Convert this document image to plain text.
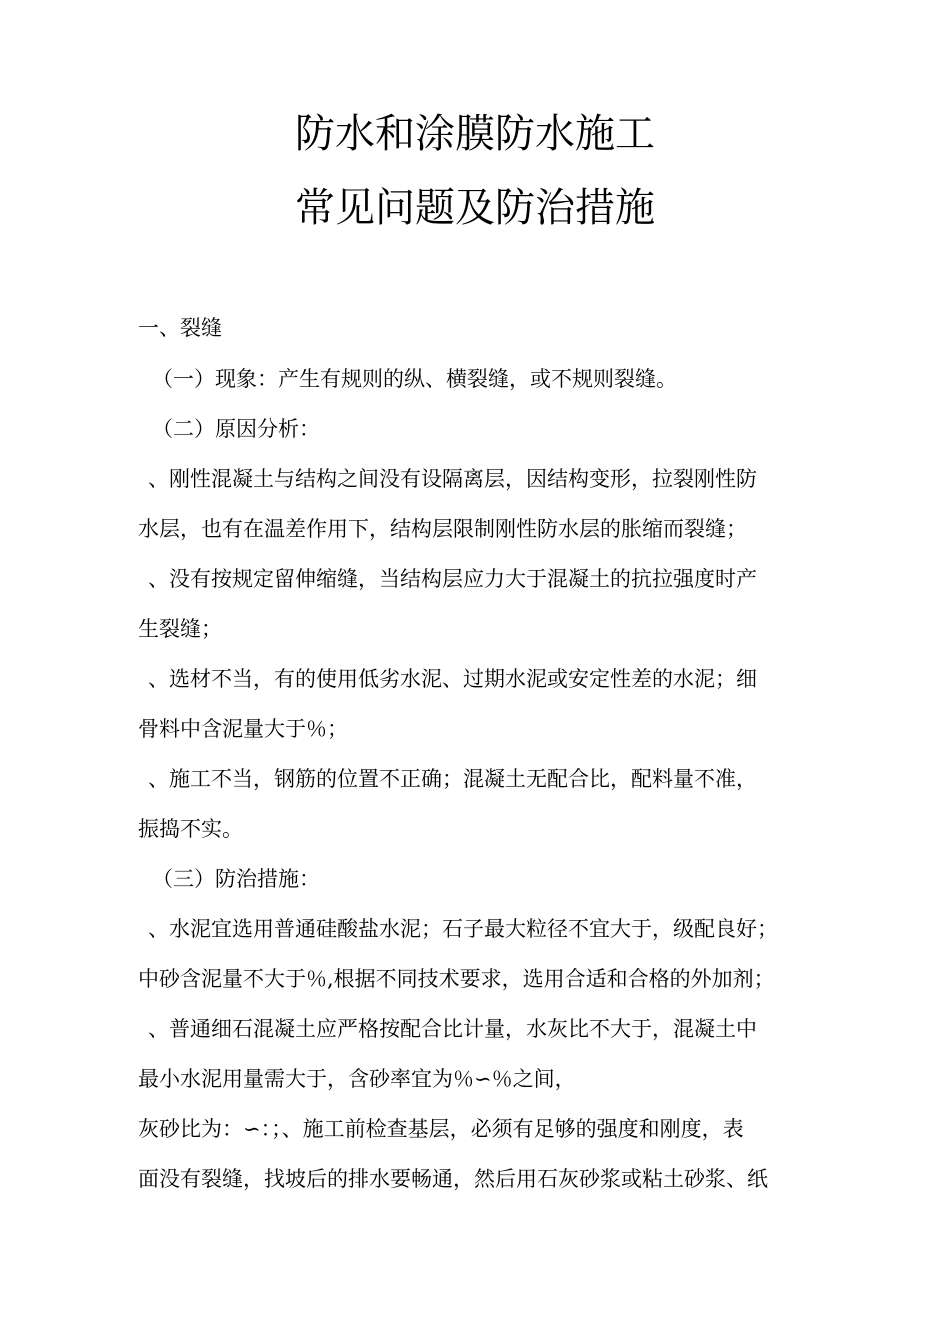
防水和涂膜防水施工
常见问题及防治措施
一、裂缝
（一）现象：产生有规则的纵、横裂缝，或不规则裂缝。
（二）原因分析：
、刚性混凝土与结构之间没有设隔离层，因结构变形，拉裂刚性防
水层，也有在温差作用下，结构层限制刚性防水层的胀缩而裂缝；
、没有按规定留伸缩缝，当结构层应力大于混凝土的抗拉强度时产
生裂缝；
、选材不当，有的使用低劣水泥、过期水泥或安定性差的水泥；细
骨料中含泥量大于％；
、施工不当，钢筋的位置不正确；混凝土无配合比，配料量不准，
振捣不实。
（三）防治措施：
、水泥宜选用普通硅酸盐水泥；石子最大粒径不宜大于，级配良好；
中砂含泥量不大于％,根据不同技术要求，选用合适和合格的外加剂；
、普通细石混凝土应严格按配合比计量，水灰比不大于，混凝土中
最小水泥用量需大于，含砂率宜为％∽％之间，
灰砂比为：∽：；、施工前检查基层，必须有足够的强度和刚度，表
面没有裂缝，找坡后的排水要畅通，然后用石灰砂浆或粘土砂浆、纸
